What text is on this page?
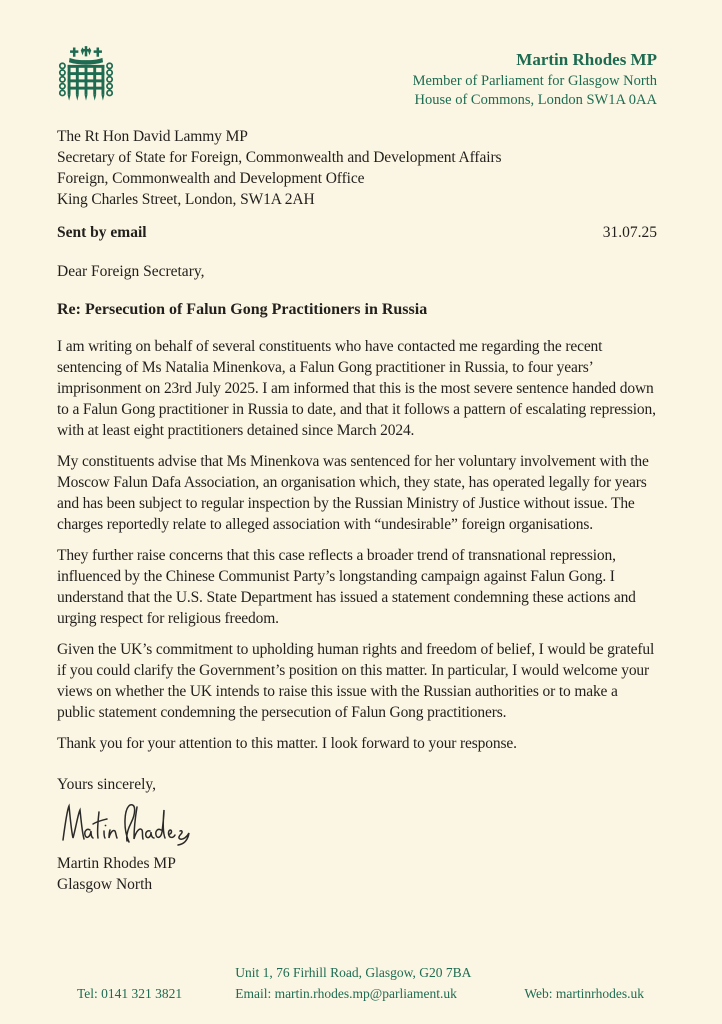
Martin Rhodes MP
Member of Parliament for Glasgow North
House of Commons, London SW1A 0AA
The Rt Hon David Lammy MP
Secretary of State for Foreign, Commonwealth and Development Affairs
Foreign, Commonwealth and Development Office
King Charles Street, London, SW1A 2AH
Sent by email	31.07.25
Dear Foreign Secretary,
Re: Persecution of Falun Gong Practitioners in Russia

I am writing on behalf of several constituents who have contacted me regarding the recent sentencing of Ms Natalia Minenkova, a Falun Gong practitioner in Russia, to four years’ imprisonment on 23rd July 2025. I am informed that this is the most severe sentence handed down to a Falun Gong practitioner in Russia to date, and that it follows a pattern of escalating repression, with at least eight practitioners detained since March 2024.

My constituents advise that Ms Minenkova was sentenced for her voluntary involvement with the Moscow Falun Dafa Association, an organisation which, they state, has operated legally for years and has been subject to regular inspection by the Russian Ministry of Justice without issue. The charges reportedly relate to alleged association with “undesirable” foreign organisations.

They further raise concerns that this case reflects a broader trend of transnational repression, influenced by the Chinese Communist Party’s longstanding campaign against Falun Gong. I understand that the U.S. State Department has issued a statement condemning these actions and urging respect for religious freedom.

Given the UK’s commitment to upholding human rights and freedom of belief, I would be grateful if you could clarify the Government’s position on this matter. In particular, I would welcome your views on whether the UK intends to raise this issue with the Russian authorities or to make a public statement condemning the persecution of Falun Gong practitioners.

Thank you for your attention to this matter. I look forward to your response.

Yours sincerely,
Martin Rhodes MP
Glasgow North
Tel: 0141 321 3821
Unit 1, 76 Firhill Road, Glasgow, G20 7BA
Email: martin.rhodes.mp@parliament.uk	Web: martinrhodes.uk
